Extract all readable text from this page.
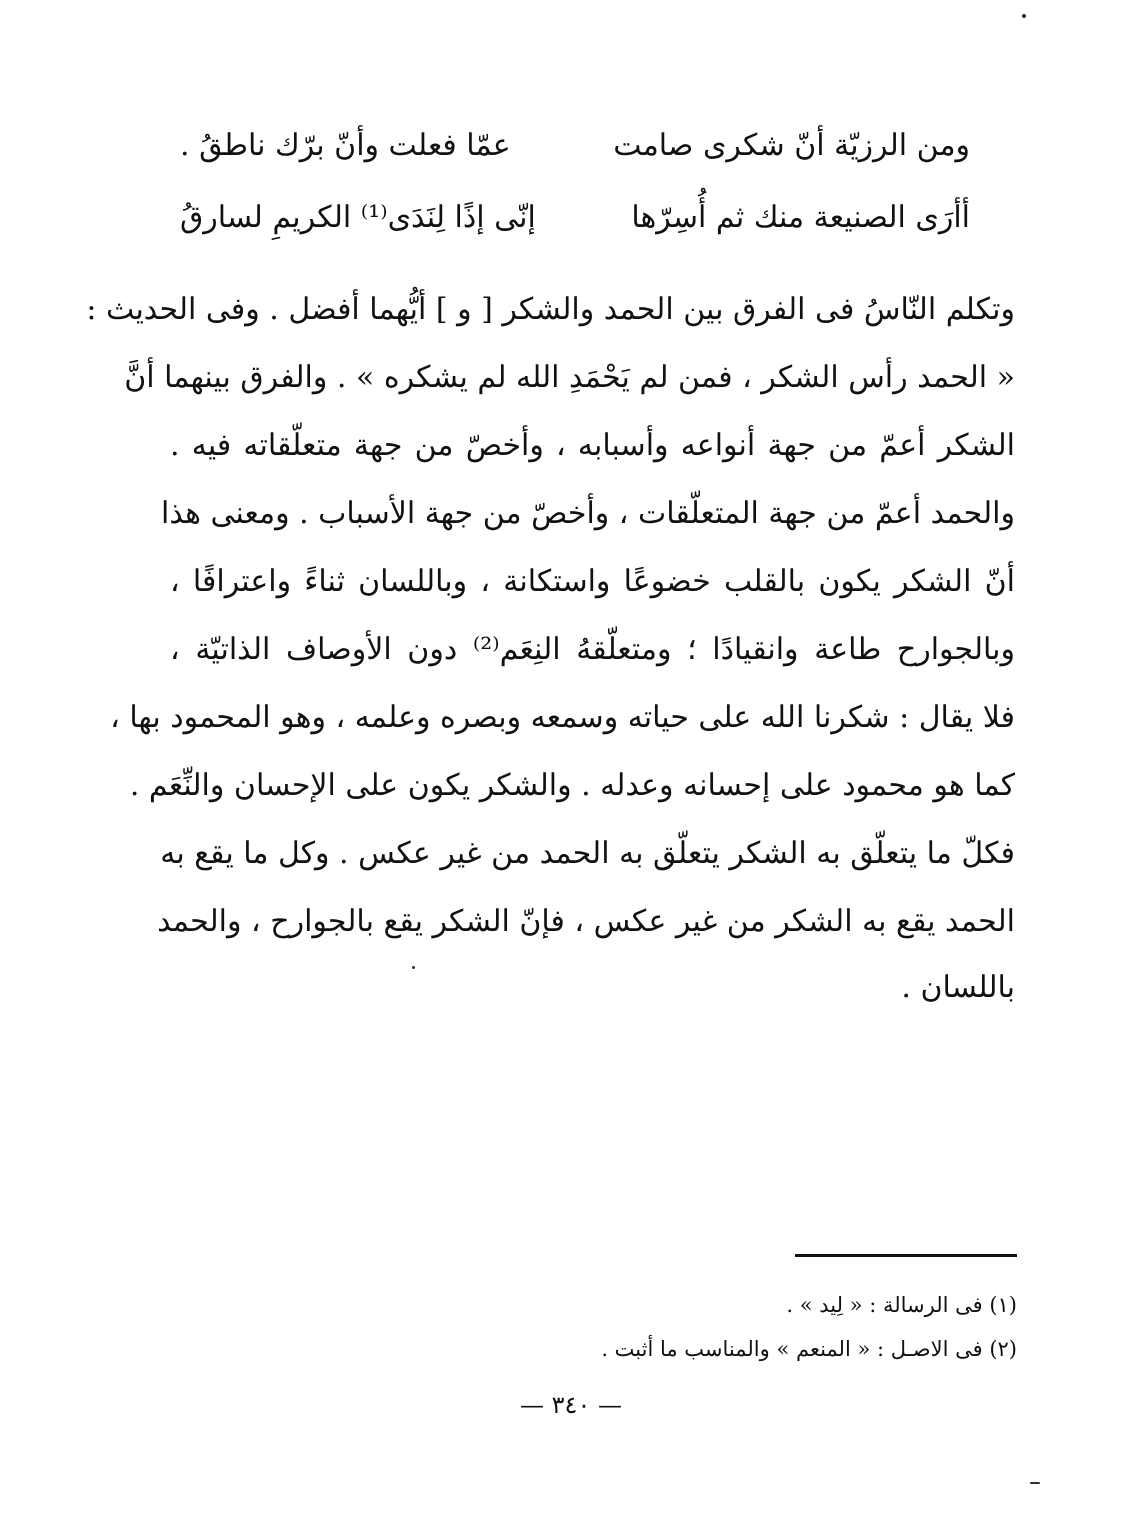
ومن الرزيّة أنّ شكرى صامت
عمّا فعلت وأنّ برّك ناطقُ .
أأرَى الصنيعة منك ثم أُسِرّها
إنّى إذًا لِنَدَى⁽¹⁾ الكريمِ لسارقُ
وتكلم النّاسُ فى الفرق بين الحمد والشكر [ و ] أيُّهما أفضل . وفى الحديث :
« الحمد رأس الشكر ، فمن لم يَحْمَدِ الله لم يشكره » . والفرق بينهما أنَّ
الشكر أعمّ من جهة أنواعه وأسبابه ، وأخصّ من جهة متعلّقاته فيه .
والحمد أعمّ من جهة المتعلّقات ، وأخصّ من جهة الأسباب . ومعنى هذا
أنّ الشكر يكون بالقلب خضوعًا واستكانة ، وباللسان ثناءً واعترافًا ،
وبالجوارح طاعة وانقيادًا ؛ ومتعلّقهُ النِعَم⁽²⁾ دون الأوصاف الذاتيّة ،
فلا يقال : شكرنا الله على حياته وسمعه وبصره وعلمه ، وهو المحمود بها ،
كما هو محمود على إحسانه وعدله . والشكر يكون على الإحسان والنِّعَم .
فكلّ ما يتعلّق به الشكر يتعلّق به الحمد من غير عكس . وكل ما يقع به
الحمد يقع به الشكر من غير عكس ، فإنّ الشكر يقع بالجوارح ، والحمد
باللسان .
(١) فى الرسالة : « لِيد » .
(٢) فى الاصـل : « المنعم » والمناسب ما أثبت .
— ٣٤٠ —
